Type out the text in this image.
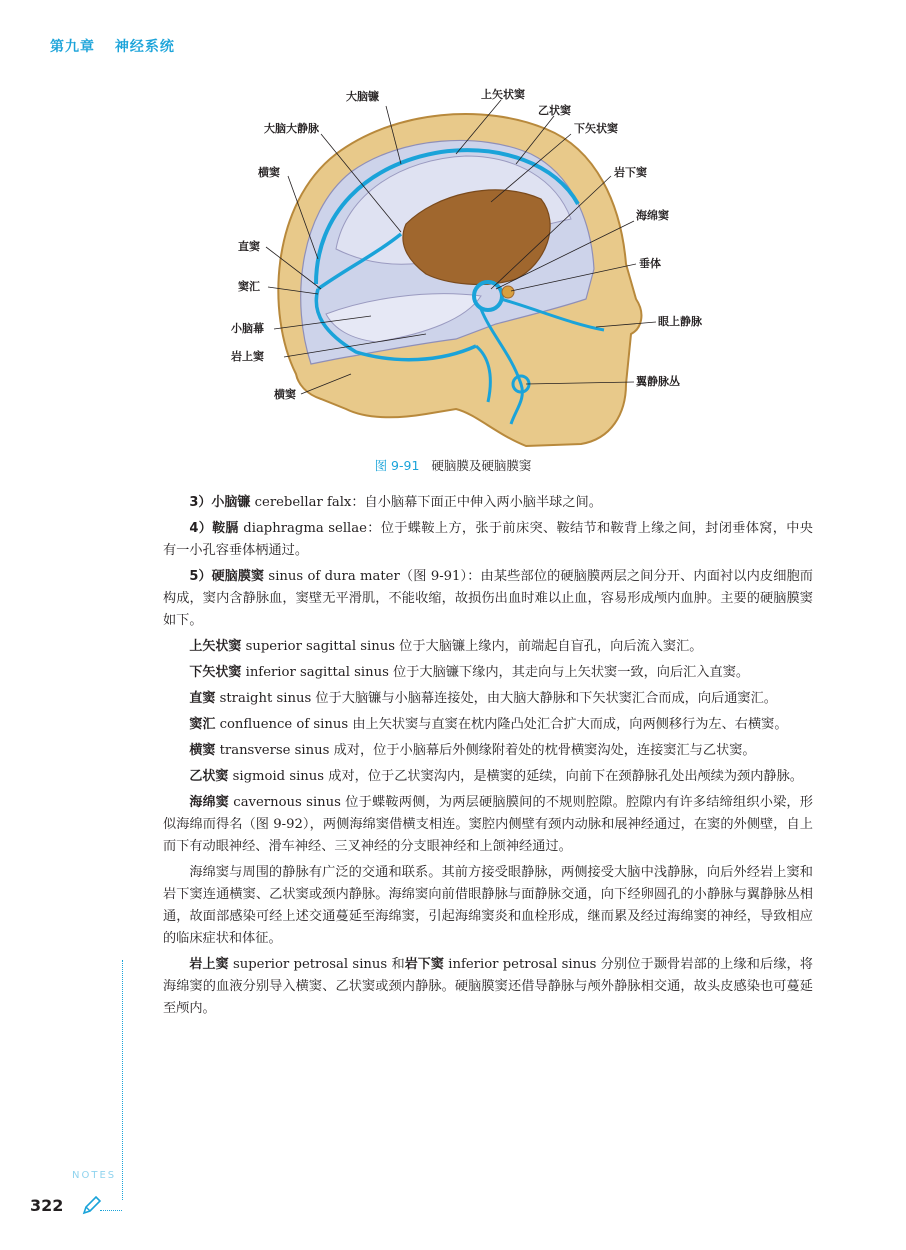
第九章 神经系统
大脑镰	上矢状窦
乙状窦
下矢状窦
大脑大静脉
岩下窦
横窦
海绵窦
直窦
垂体
窦汇
眼上静脉
小脑幕
岩上窦
翼静脉丛
横窦
图 9-91 硬脑膜及硬脑膜窦

3）小脑镰 cerebellar falx：自小脑幕下面正中伸入两小脑半球之间。

4）鞍膈 diaphragma sellae：位于蝶鞍上方，张于前床突、鞍结节和鞍背上缘之间，封闭垂体窝，中央有一小孔容垂体柄通过。

5）硬脑膜窦 sinus of dura mater（图 9-91）：由某些部位的硬脑膜两层之间分开、内面衬以内皮细胞而构成，窦内含静脉血，窦壁无平滑肌，不能收缩，故损伤出血时难以止血，容易形成颅内血肿。主要的硬脑膜窦如下。

上矢状窦 superior sagittal sinus 位于大脑镰上缘内，前端起自盲孔，向后流入窦汇。

下矢状窦 inferior sagittal sinus 位于大脑镰下缘内，其走向与上矢状窦一致，向后汇入直窦。

直窦 straight sinus 位于大脑镰与小脑幕连接处，由大脑大静脉和下矢状窦汇合而成，向后通窦汇。

窦汇 confluence of sinus 由上矢状窦与直窦在枕内隆凸处汇合扩大而成，向两侧移行为左、右横窦。

横窦 transverse sinus 成对，位于小脑幕后外侧缘附着处的枕骨横窦沟处，连接窦汇与乙状窦。

乙状窦 sigmoid sinus 成对，位于乙状窦沟内，是横窦的延续，向前下在颈静脉孔处出颅续为颈内静脉。

海绵窦 cavernous sinus 位于蝶鞍两侧，为两层硬脑膜间的不规则腔隙。腔隙内有许多结缔组织小梁，形似海绵而得名（图 9-92），两侧海绵窦借横支相连。窦腔内侧壁有颈内动脉和展神经通过，在窦的外侧壁，自上而下有动眼神经、滑车神经、三叉神经的分支眼神经和上颌神经通过。

海绵窦与周围的静脉有广泛的交通和联系。其前方接受眼静脉，两侧接受大脑中浅静脉，向后外经岩上窦和岩下窦连通横窦、乙状窦或颈内静脉。海绵窦向前借眼静脉与面静脉交通，向下经卵圆孔的小静脉与翼静脉丛相通，故面部感染可经上述交通蔓延至海绵窦，引起海绵窦炎和血栓形成，继而累及经过海绵窦的神经，导致相应的临床症状和体征。

岩上窦 superior petrosal sinus 和岩下窦 inferior petrosal sinus 分别位于颞骨岩部的上缘和后缘，将海绵窦的血液分别导入横窦、乙状窦或颈内静脉。硬脑膜窦还借导静脉与颅外静脉相交通，故头皮感染也可蔓延至颅内。

NOTES
322
